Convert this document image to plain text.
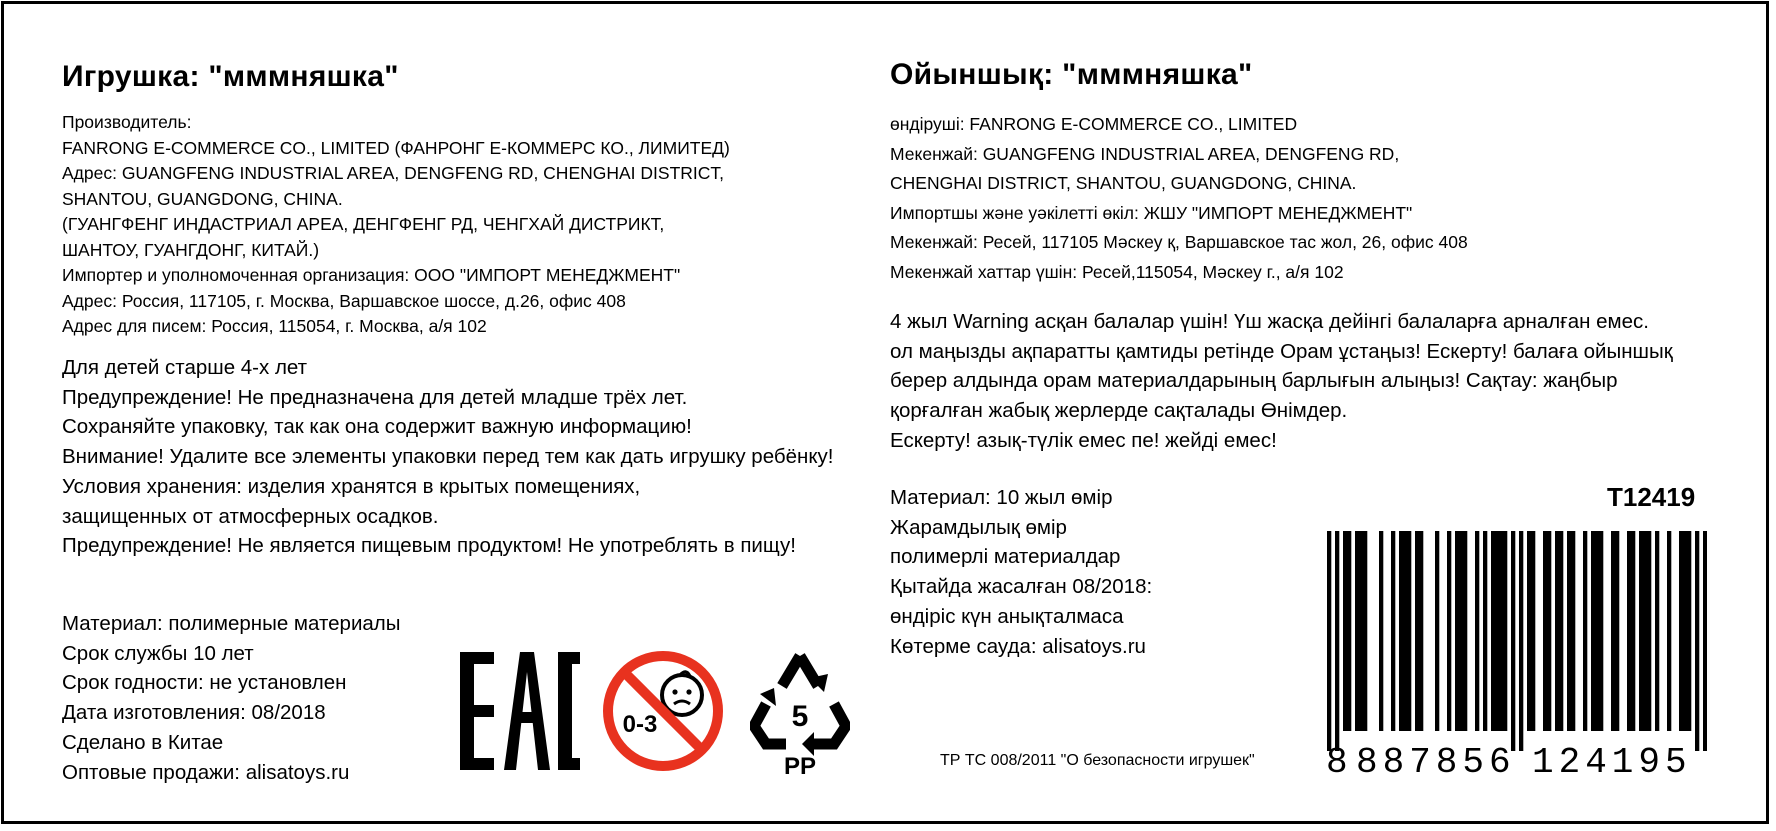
Игрушка: "мммняшка"
Производитель:
FANRONG E-COMMERCE CO., LIMITED (ФАНРОНГ Е-КОММЕРС КО., ЛИМИТЕД)
Адрес: GUANGFENG INDUSTRIAL AREA, DENGFENG RD, CHENGHAI DISTRICT,
SHANTOU, GUANGDONG, CHINA.
(ГУАНГФЕНГ ИНДАСТРИАЛ АРЕА, ДЕНГФЕНГ РД, ЧЕНГХАЙ ДИСТРИКТ,
ШАНТОУ, ГУАНГДОНГ, КИТАЙ.)
Импортер и уполномоченная организация: ООО "ИМПОРТ МЕНЕДЖМЕНТ"
Адрес: Россия, 117105, г. Москва, Варшавское шоссе, д.26, офис 408
Адрес для писем: Россия, 115054, г. Москва, а/я 102
Для детей старше 4-х лет
Предупреждение! Не предназначена для детей младше трёх лет.
Сохраняйте упаковку, так как она содержит важную информацию!
Внимание! Удалите все элементы упаковки перед тем как дать игрушку ребёнку!
Условия хранения: изделия хранятся в крытых помещениях,
защищенных от атмосферных осадков.
Предупреждение! Не является пищевым продуктом! Не употреблять в пищу!
Материал: полимерные материалы
Срок службы 10 лет
Срок годности: не установлен
Дата изготовления: 08/2018
Сделано в Китае
Оптовые продажи: alisatoys.ru
0-3	5
PP
Ойыншық: "мммняшка"
өндіруші: FANRONG E-COMMERCE CO., LIMITED
Мекенжай: GUANGFENG INDUSTRIAL AREA, DENGFENG RD,
CHENGHAI DISTRICT, SHANTOU, GUANGDONG, CHINA.
Импортшы және уәкілетті өкіл: ЖШУ "ИМПОРТ МЕНЕДЖМЕНТ"
Мекенжай: Ресей, 117105 Мәскеу қ, Варшавское тас жол, 26, офис 408
Мекенжай хаттар үшін: Ресей,115054, Мәскеу г., а/я 102
4 жыл Warning асқан балалар үшін! Үш жасқа дейінгі балаларға арналған емес.
ол маңызды ақпаратты қамтиды ретінде Орам ұстаңыз! Ескерту! балаға ойыншық
берер алдында орам материалдарының барлығын алыңыз! Сақтау: жаңбыр
қорғалған жабық жерлерде сақталады Өнімдер.
Ескерту! азық-түлік емес пе! жейді емес!
Материал: 10 жыл өмір
Жарамдылық өмір
полимерлі материалдар
Қытайда жасалған 08/2018:
өндіріс күн анықталмаса
Көтерме сауда: alisatoys.ru
T12419
8 887856 124195
ТР ТС 008/2011 "О безопасности игрушек"
